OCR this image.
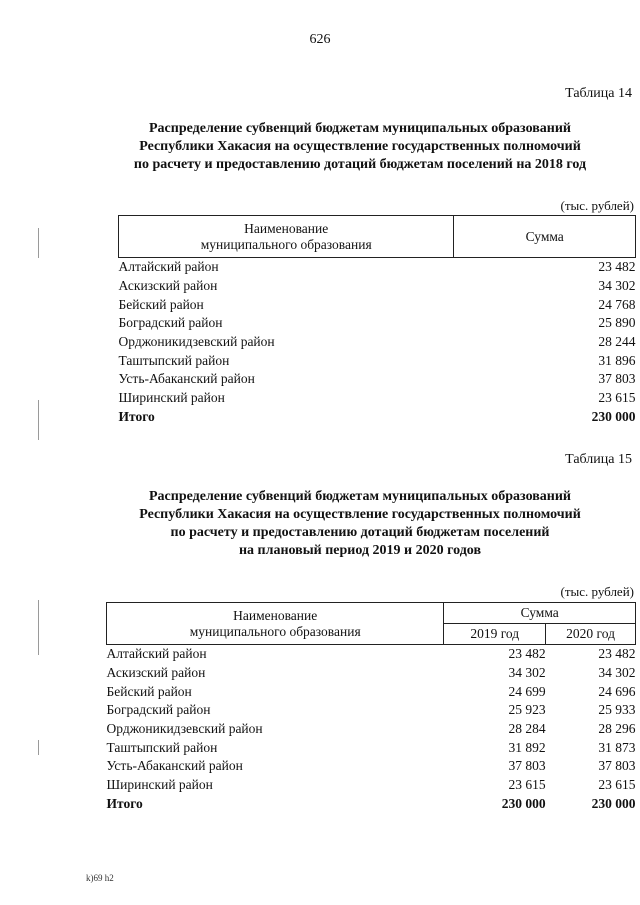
626
Таблица 14
Распределение субвенций бюджетам муниципальных образований
Республики Хакасия на осуществление государственных полномочий
по расчету и предоставлению дотаций бюджетам поселений на 2018 год
(тыс. рублей)
Наименование
муниципального образования	Сумма
Алтайский район	23 482
Аскизский район	34 302
Бейский район	24 768
Боградский район	25 890
Орджоникидзевский район	28 244
Таштыпский район	31 896
Усть-Абаканский район	37 803
Ширинский район	23 615
Итого	230 000
Таблица 15
Распределение субвенций бюджетам муниципальных образований
Республики Хакасия на осуществление государственных полномочий
по расчету и предоставлению дотаций бюджетам поселений
на плановый период 2019 и 2020 годов
(тыс. рублей)
Наименование
муниципального образования	Сумма	
	2019 год	2020 год
Алтайский район	23 482	23 482
Аскизский район	34 302	34 302
Бейский район	24 699	24 696
Боградский район	25 923	25 933
Орджоникидзевский район	28 284	28 296
Таштыпский район	31 892	31 873
Усть-Абаканский район	37 803	37 803
Ширинский район	23 615	23 615
Итого	230 000	230 000
k)69 h2
